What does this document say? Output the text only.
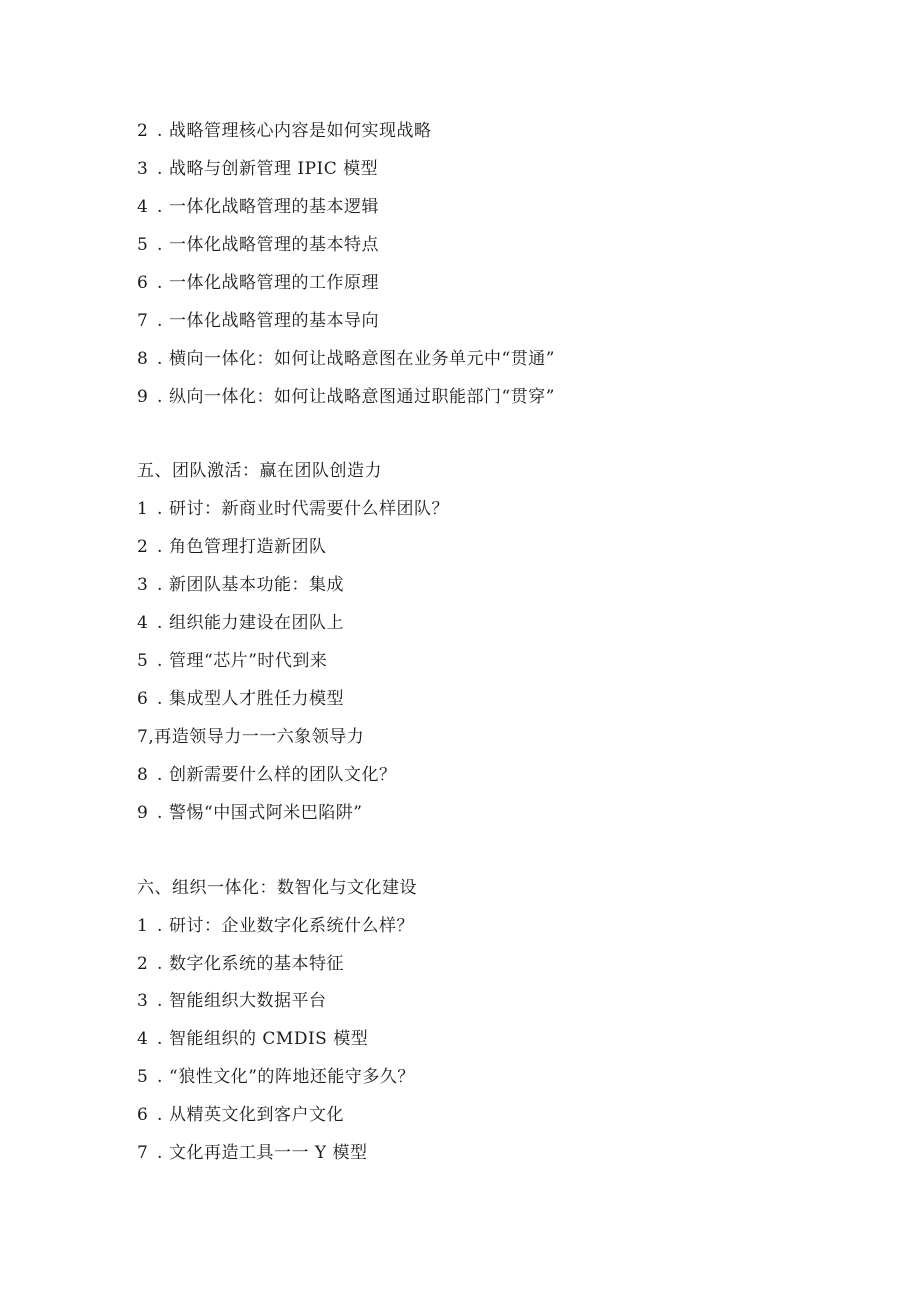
2 . 战略管理核心内容是如何实现战略
3 . 战略与创新管理 IPIC 模型
4 . 一体化战略管理的基本逻辑
5 . 一体化战略管理的基本特点
6 . 一体化战略管理的工作原理
7 . 一体化战略管理的基本导向
8 . 横向一体化：如何让战略意图在业务单元中“贯通”
9 . 纵向一体化：如何让战略意图通过职能部门“贯穿”
五、团队激活：赢在团队创造力
1 . 研讨：新商业时代需要什么样团队？
2 . 角色管理打造新团队
3 . 新团队基本功能：集成
4 . 组织能力建设在团队上
5 . 管理“芯片”时代到来
6 . 集成型人才胜任力模型
7,再造领导力一一六象领导力
8 . 创新需要什么样的团队文化？
9 . 警惕“中国式阿米巴陷阱”
六、组织一体化：数智化与文化建设
1 . 研讨：企业数字化系统什么样？
2 . 数字化系统的基本特征
3 . 智能组织大数据平台
4 . 智能组织的 CMDIS 模型
5 . “狼性文化”的阵地还能守多久？
6 . 从精英文化到客户文化
7 . 文化再造工具一一 Y 模型
